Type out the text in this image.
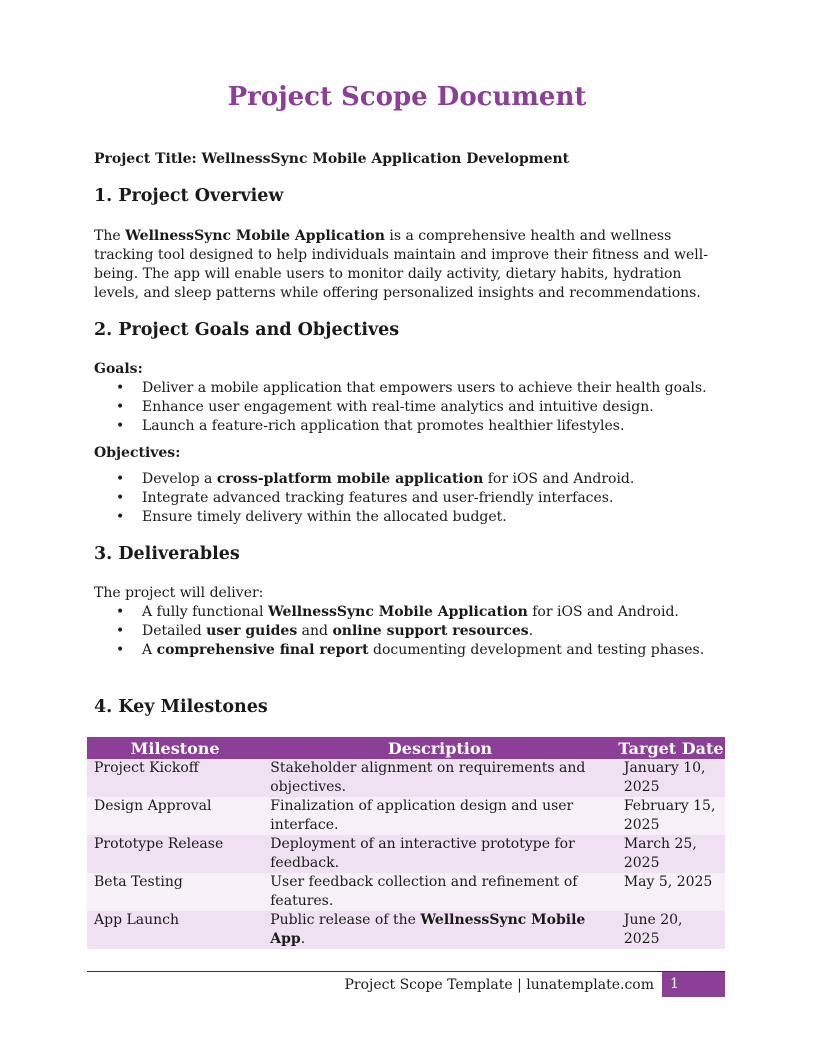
Project Scope Document
Project Title: WellnessSync Mobile Application Development
1. Project Overview

The WellnessSync Mobile Application is a comprehensive health and wellness tracking tool designed to help individuals maintain and improve their fitness and well-being. The app will enable users to monitor daily activity, dietary habits, hydration levels, and sleep patterns while offering personalized insights and recommendations.

2. Project Goals and Objectives
Goals:
• Deliver a mobile application that empowers users to achieve their health goals.
• Enhance user engagement with real-time analytics and intuitive design.
• Launch a feature-rich application that promotes healthier lifestyles.
Objectives:
• Develop a cross-platform mobile application for iOS and Android.
• Integrate advanced tracking features and user-friendly interfaces.
• Ensure timely delivery within the allocated budget.
3. Deliverables
The project will deliver:
• A fully functional WellnessSync Mobile Application for iOS and Android.
• Detailed user guides and online support resources.
• A comprehensive final report documenting development and testing phases.
4. Key Milestones
Milestone	Description	Target Date
Project Kickoff	Stakeholder alignment on requirements and objectives.	January 10, 2025
Design Approval	Finalization of application design and user interface.	February 15, 2025
Prototype Release	Deployment of an interactive prototype for feedback.	March 25, 2025
Beta Testing	User feedback collection and refinement of features.	May 5, 2025
App Launch	Public release of the WellnessSync Mobile App.	June 20, 2025
Project Scope Template | lunatemplate.com	1
